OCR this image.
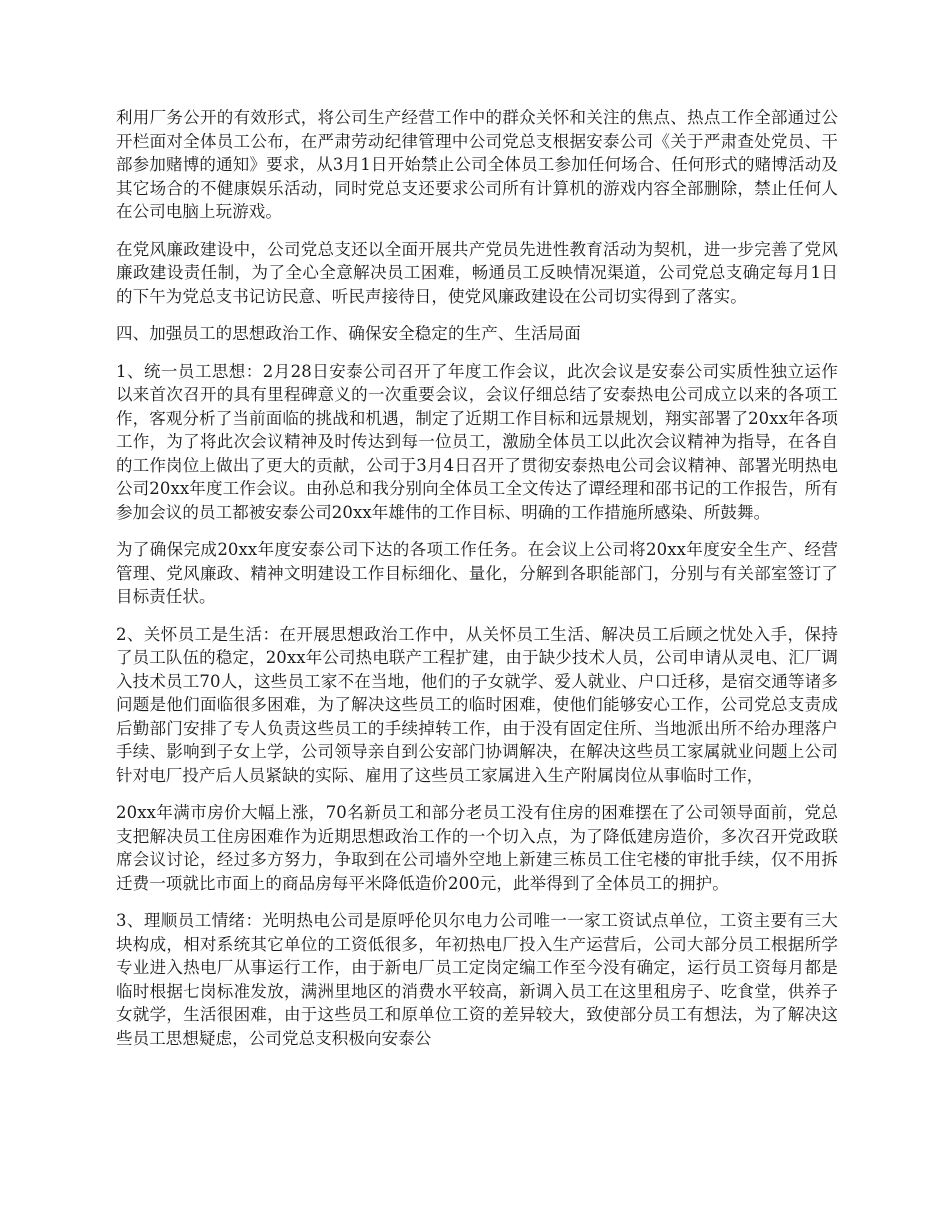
利用厂务公开的有效形式，将公司生产经营工作中的群众关怀和关注的焦点、热点工作全部通过公开栏面对全体员工公布，在严肃劳动纪律管理中公司党总支根据安泰公司《关于严肃查处党员、干部参加赌博的通知》要求，从3月1日开始禁止公司全体员工参加任何场合、任何形式的赌博活动及其它场合的不健康娱乐活动，同时党总支还要求公司所有计算机的游戏内容全部删除，禁止任何人在公司电脑上玩游戏。

在党风廉政建设中，公司党总支还以全面开展共产党员先进性教育活动为契机，进一步完善了党风廉政建设责任制，为了全心全意解决员工困难，畅通员工反映情况渠道，公司党总支确定每月1日的下午为党总支书记访民意、听民声接待日，使党风廉政建设在公司切实得到了落实。

四、加强员工的思想政治工作、确保安全稳定的生产、生活局面

1、统一员工思想：2月28日安泰公司召开了年度工作会议，此次会议是安泰公司实质性独立运作以来首次召开的具有里程碑意义的一次重要会议，会议仔细总结了安泰热电公司成立以来的各项工作，客观分析了当前面临的挑战和机遇，制定了近期工作目标和远景规划，翔实部署了20xx年各项工作，为了将此次会议精神及时传达到每一位员工，激励全体员工以此次会议精神为指导，在各自的工作岗位上做出了更大的贡献，公司于3月4日召开了贯彻安泰热电公司会议精神、部署光明热电公司20xx年度工作会议。由孙总和我分别向全体员工全文传达了谭经理和邵书记的工作报告，所有参加会议的员工都被安泰公司20xx年雄伟的工作目标、明确的工作措施所感染、所鼓舞。

为了确保完成20xx年度安泰公司下达的各项工作任务。在会议上公司将20xx年度安全生产、经营管理、党风廉政、精神文明建设工作目标细化、量化，分解到各职能部门，分别与有关部室签订了目标责任状。

2、关怀员工是生活：在开展思想政治工作中，从关怀员工生活、解决员工后顾之忧处入手，保持了员工队伍的稳定，20xx年公司热电联产工程扩建，由于缺少技术人员，公司申请从灵电、汇厂调入技术员工70人，这些员工家不在当地，他们的子女就学、爱人就业、户口迁移，是宿交通等诸多问题是他们面临很多困难，为了解决这些员工的临时困难，使他们能够安心工作，公司党总支责成后勤部门安排了专人负责这些员工的手续掉转工作，由于没有固定住所、当地派出所不给办理落户手续、影响到子女上学，公司领导亲自到公安部门协调解决，在解决这些员工家属就业问题上公司针对电厂投产后人员紧缺的实际、雇用了这些员工家属进入生产附属岗位从事临时工作，

20xx年满市房价大幅上涨，70名新员工和部分老员工没有住房的困难摆在了公司领导面前，党总支把解决员工住房困难作为近期思想政治工作的一个切入点，为了降低建房造价，多次召开党政联席会议讨论，经过多方努力，争取到在公司墙外空地上新建三栋员工住宅楼的审批手续，仅不用拆迁费一项就比市面上的商品房每平米降低造价200元，此举得到了全体员工的拥护。

3、理顺员工情绪：光明热电公司是原呼伦贝尔电力公司唯一一家工资试点单位，工资主要有三大块构成，相对系统其它单位的工资低很多，年初热电厂投入生产运营后，公司大部分员工根据所学专业进入热电厂从事运行工作，由于新电厂员工定岗定编工作至今没有确定，运行员工资每月都是临时根据七岗标准发放，满洲里地区的消费水平较高，新调入员工在这里租房子、吃食堂，供养子女就学，生活很困难，由于这些员工和原单位工资的差异较大，致使部分员工有想法，为了解决这些员工思想疑虑，公司党总支积极向安泰公
